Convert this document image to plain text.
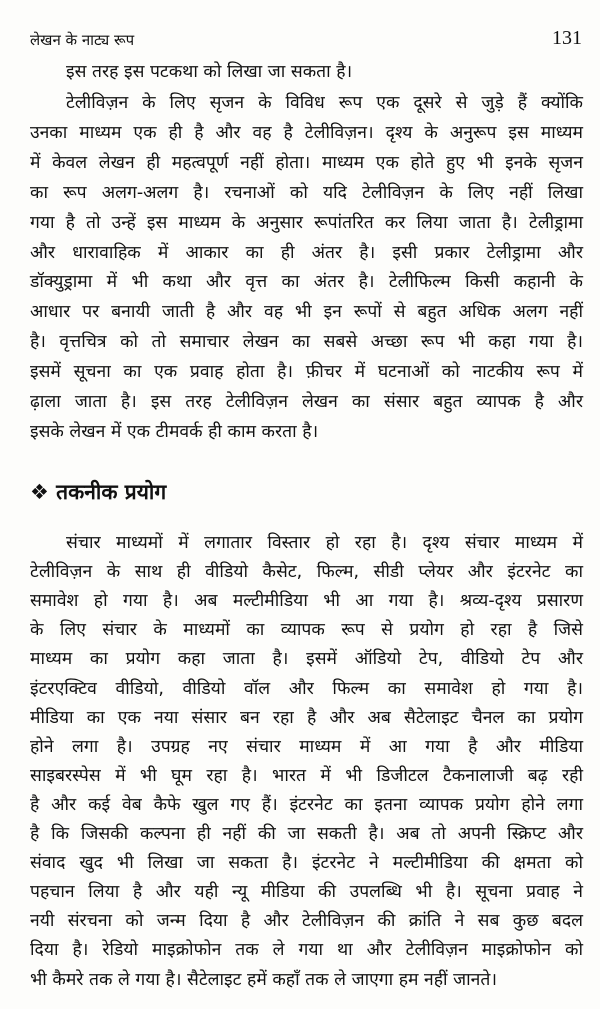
लेखन के नाट्य रूप	131
इस तरह इस पटकथा को लिखा जा सकता है।
टेलीविज़न के लिए सृजन के विविध रूप एक दूसरे से जुड़े हैं क्योंकि
उनका माध्यम एक ही है और वह है टेलीविज़न। दृश्य के अनुरूप इस माध्यम
में केवल लेखन ही महत्वपूर्ण नहीं होता। माध्यम एक होते हुए भी इनके सृजन
का रूप अलग-अलग है। रचनाओं को यदि टेलीविज़न के लिए नहीं लिखा
गया है तो उन्हें इस माध्यम के अनुसार रूपांतरित कर लिया जाता है। टेलीड्रामा
और धारावाहिक में आकार का ही अंतर है। इसी प्रकार टेलीड्रामा और
डॉक्युड्रामा में भी कथा और वृत्त का अंतर है। टेलीफिल्म किसी कहानी के
आधार पर बनायी जाती है और वह भी इन रूपों से बहुत अधिक अलग नहीं
है। वृत्तचित्र को तो समाचार लेखन का सबसे अच्छा रूप भी कहा गया है।
इसमें सूचना का एक प्रवाह होता है। फ़ीचर में घटनाओं को नाटकीय रूप में
ढ़ाला जाता है। इस तरह टेलीविज़न लेखन का संसार बहुत व्यापक है और
इसके लेखन में एक टीमवर्क ही काम करता है।
संचार माध्यमों में लगातार विस्तार हो रहा है। दृश्य संचार माध्यम में
टेलीविज़न के साथ ही वीडियो कैसेट, फिल्म, सीडी प्लेयर और इंटरनेट का
समावेश हो गया है। अब मल्टीमीडिया भी आ गया है। श्रव्य-दृश्य प्रसारण
के लिए संचार के माध्यमों का व्यापक रूप से प्रयोग हो रहा है जिसे
माध्यम का प्रयोग कहा जाता है। इसमें ऑडियो टेप, वीडियो टेप और
इंटरएक्टिव वीडियो, वीडियो वॉल और फिल्म का समावेश हो गया है।
मीडिया का एक नया संसार बन रहा है और अब सैटेलाइट चैनल का प्रयोग
होने लगा है। उपग्रह नए संचार माध्यम में आ गया है और मीडिया
साइबरस्पेस में भी घूम रहा है। भारत में भी डिजीटल टैकनालाजी बढ़ रही
है और कई वेब कैफे खुल गए हैं। इंटरनेट का इतना व्यापक प्रयोग होने लगा
है कि जिसकी कल्पना ही नहीं की जा सकती है। अब तो अपनी स्क्रिप्ट और
संवाद खुद भी लिखा जा सकता है। इंटरनेट ने मल्टीमीडिया की क्षमता को
पहचान लिया है और यही न्यू मीडिया की उपलब्धि भी है। सूचना प्रवाह ने
नयी संरचना को जन्म दिया है और टेलीविज़न की क्रांति ने सब कुछ बदल
दिया है। रेडियो माइक्रोफोन तक ले गया था और टेलीविज़न माइक्रोफोन को
भी कैमरे तक ले गया है। सैटेलाइट हमें कहाँ तक ले जाएगा हम नहीं जानते।
❖ तकनीक प्रयोग
